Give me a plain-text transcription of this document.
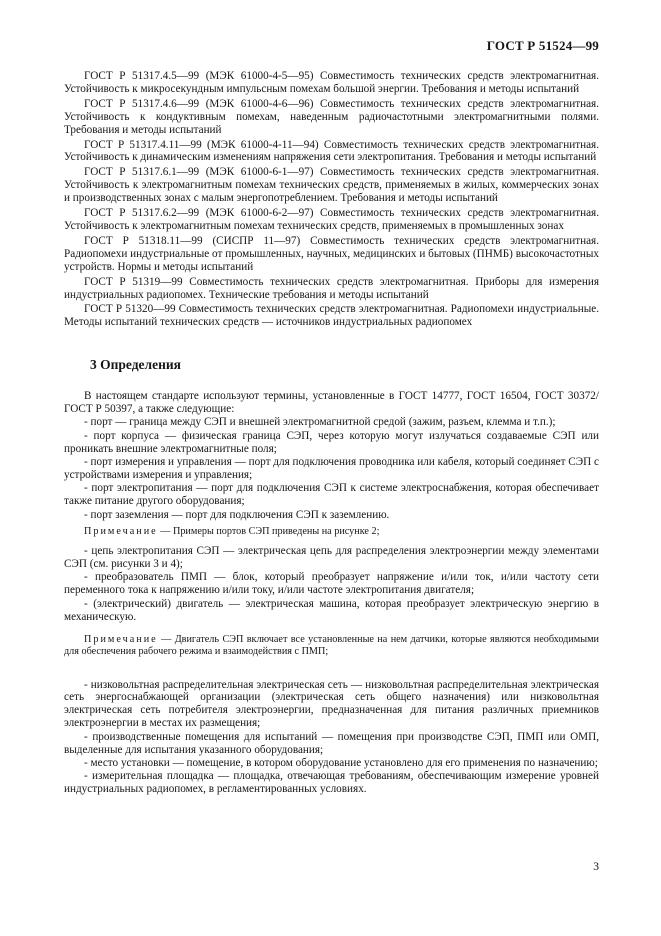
ГОСТ Р 51524—99

ГОСТ Р 51317.4.5—99 (МЭК 61000-4-5—95) Совместимость технических средств электромагнитная. Устойчивость к микросекундным импульсным помехам большой энергии. Требования и методы испытаний

ГОСТ Р 51317.4.6—99 (МЭК 61000-4-6—96) Совместимость технических средств электромагнитная. Устойчивость к кондуктивным помехам, наведенным радиочастотными электромагнитными полями. Требования и методы испытаний

ГОСТ Р 51317.4.11—99 (МЭК 61000-4-11—94) Совместимость технических средств электромагнитная. Устойчивость к динамическим изменениям напряжения сети электропитания. Требования и методы испытаний

ГОСТ Р 51317.6.1—99 (МЭК 61000-6-1—97) Совместимость технических средств электромагнитная. Устойчивость к электромагнитным помехам технических средств, применяемых в жилых, коммерческих зонах и производственных зонах с малым энергопотреблением. Требования и методы испытаний

ГОСТ Р 51317.6.2—99 (МЭК 61000-6-2—97) Совместимость технических средств электромагнитная. Устойчивость к электромагнитным помехам технических средств, применяемых в промышленных зонах

ГОСТ Р 51318.11—99 (СИСПР 11—97) Совместимость технических средств электромагнитная. Радиопомехи индустриальные от промышленных, научных, медицинских и бытовых (ПНМБ) высокочастотных устройств. Нормы и методы испытаний

ГОСТ Р 51319—99 Совместимость технических средств электромагнитная. Приборы для измерения индустриальных радиопомех. Технические требования и методы испытаний

ГОСТ Р 51320—99 Совместимость технических средств электромагнитная. Радиопомехи индустриальные. Методы испытаний технических средств — источников индустриальных радиопомех

3 Определения

В настоящем стандарте используют термины, установленные в ГОСТ 14777, ГОСТ 16504, ГОСТ 30372/ГОСТ Р 50397, а также следующие:

- порт — граница между СЭП и внешней электромагнитной средой (зажим, разъем, клемма и т.п.);

- порт корпуса — физическая граница СЭП, через которую могут излучаться создаваемые СЭП или проникать внешние электромагнитные поля;

- порт измерения и управления — порт для подключения проводника или кабеля, который соединяет СЭП с устройствами измерения и управления;

- порт электропитания — порт для подключения СЭП к системе электроснабжения, которая обеспечивает также питание другого оборудования;

- порт заземления — порт для подключения СЭП к заземлению.

Примечание — Примеры портов СЭП приведены на рисунке 2;

- цепь электропитания СЭП — электрическая цепь для распределения электроэнергии между элементами СЭП (см. рисунки 3 и 4);

- преобразователь ПМП — блок, который преобразует напряжение и/или ток, и/или частоту сети переменного тока к напряжению и/или току, и/или частоте электропитания двигателя;

- (электрический) двигатель — электрическая машина, которая преобразует электрическую энергию в механическую.

Примечание — Двигатель СЭП включает все установленные на нем датчики, которые являются необходимыми для обеспечения рабочего режима и взаимодействия с ПМП;

- низковольтная распределительная электрическая сеть — низковольтная распределительная электрическая сеть энергоснабжающей организации (электрическая сеть общего назначения) или низковольтная электрическая сеть потребителя электроэнергии, предназначенная для питания различных приемников электроэнергии в местах их размещения;

- производственные помещения для испытаний — помещения при производстве СЭП, ПМП или ОМП, выделенные для испытания указанного оборудования;

- место установки — помещение, в котором оборудование установлено для его применения по назначению;

- измерительная площадка — площадка, отвечающая требованиям, обеспечивающим измерение уровней индустриальных радиопомех, в регламентированных условиях.

3
